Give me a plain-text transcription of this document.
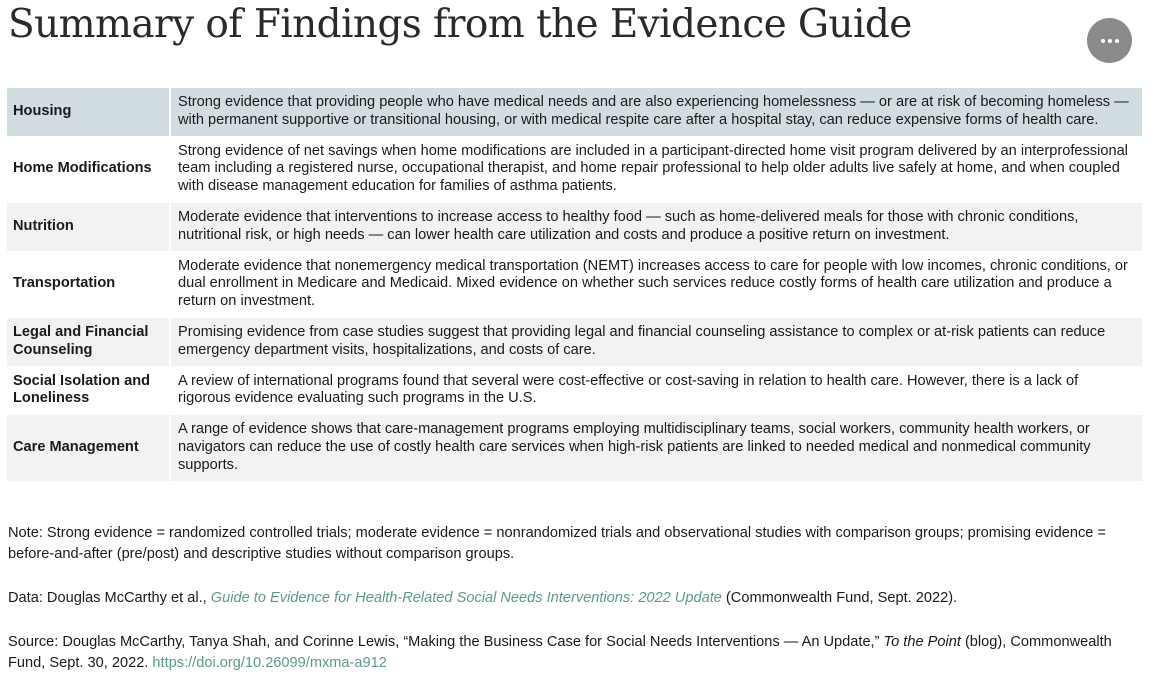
Summary of Findings from the Evidence Guide
Housing	Strong evidence that providing people who have medical needs and are also experiencing homelessness — or are at risk of becoming homeless — with permanent supportive or transitional housing, or with medical respite care after a hospital stay, can reduce expensive forms of health care.
Home Modifications	Strong evidence of net savings when home modifications are included in a participant-directed home visit program delivered by an interprofessional team including a registered nurse, occupational therapist, and home repair professional to help older adults live safely at home, and when coupled with disease management education for families of asthma patients.
Nutrition	Moderate evidence that interventions to increase access to healthy food — such as home-delivered meals for those with chronic conditions, nutritional risk, or high needs — can lower health care utilization and costs and produce a positive return on investment.
Transportation	Moderate evidence that nonemergency medical transportation (NEMT) increases access to care for people with low incomes, chronic conditions, or dual enrollment in Medicare and Medicaid. Mixed evidence on whether such services reduce costly forms of health care utilization and produce a return on investment.
Legal and Financial Counseling	Promising evidence from case studies suggest that providing legal and financial counseling assistance to complex or at-risk patients can reduce emergency department visits, hospitalizations, and costs of care.
Social Isolation and Loneliness	A review of international programs found that several were cost-effective or cost-saving in relation to health care. However, there is a lack of rigorous evidence evaluating such programs in the U.S.
Care Management	A range of evidence shows that care-management programs employing multidisciplinary teams, social workers, community health workers, or navigators can reduce the use of costly health care services when high-risk patients are linked to needed medical and nonmedical community supports.

Note: Strong evidence = randomized controlled trials; moderate evidence = nonrandomized trials and observational studies with comparison groups; promising evidence = before-and-after (pre/post) and descriptive studies without comparison groups.

Data: Douglas McCarthy et al., Guide to Evidence for Health-Related Social Needs Interventions: 2022 Update (Commonwealth Fund, Sept. 2022).

Source: Douglas McCarthy, Tanya Shah, and Corinne Lewis, “Making the Business Case for Social Needs Interventions — An Update,” To the Point (blog), Commonwealth Fund, Sept. 30, 2022. https://doi.org/10.26099/mxma-a912
